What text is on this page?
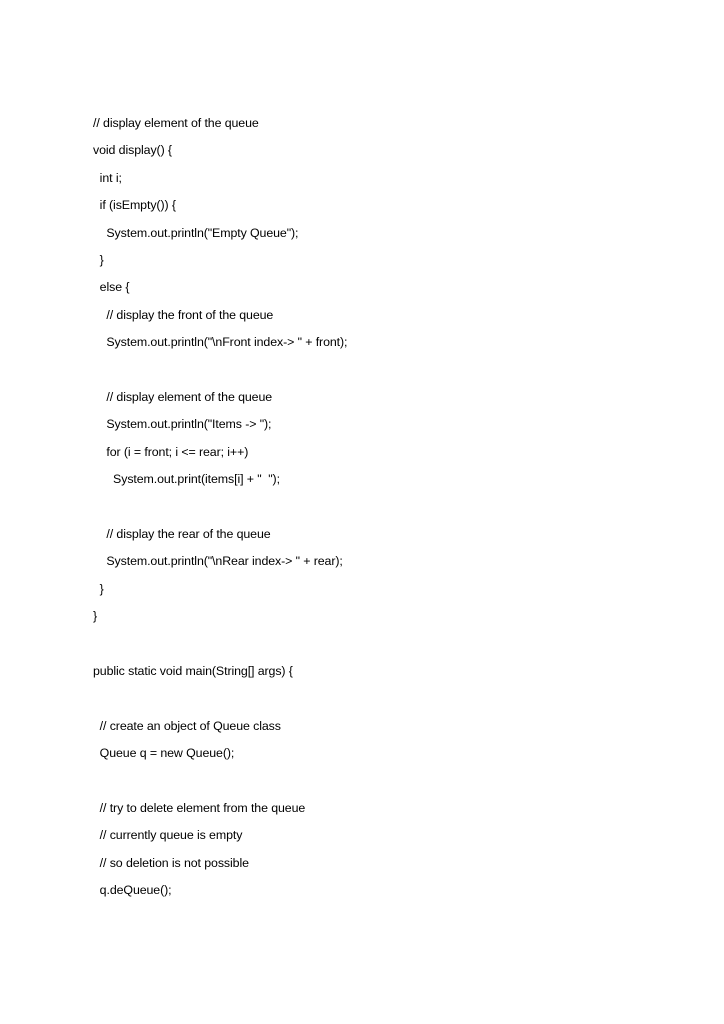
// display element of the queue
void display() {
int i;
if (isEmpty()) {
System.out.println("Empty Queue");
}
else {
// display the front of the queue
System.out.println("\nFront index-> " + front);
// display element of the queue
System.out.println("Items -> ");
for (i = front; i <= rear; i++)
System.out.print(items[i] + "  ");
// display the rear of the queue
System.out.println("\nRear index-> " + rear);
}
}
public static void main(String[] args) {
// create an object of Queue class
Queue q = new Queue();
// try to delete element from the queue
// currently queue is empty
// so deletion is not possible
q.deQueue();
